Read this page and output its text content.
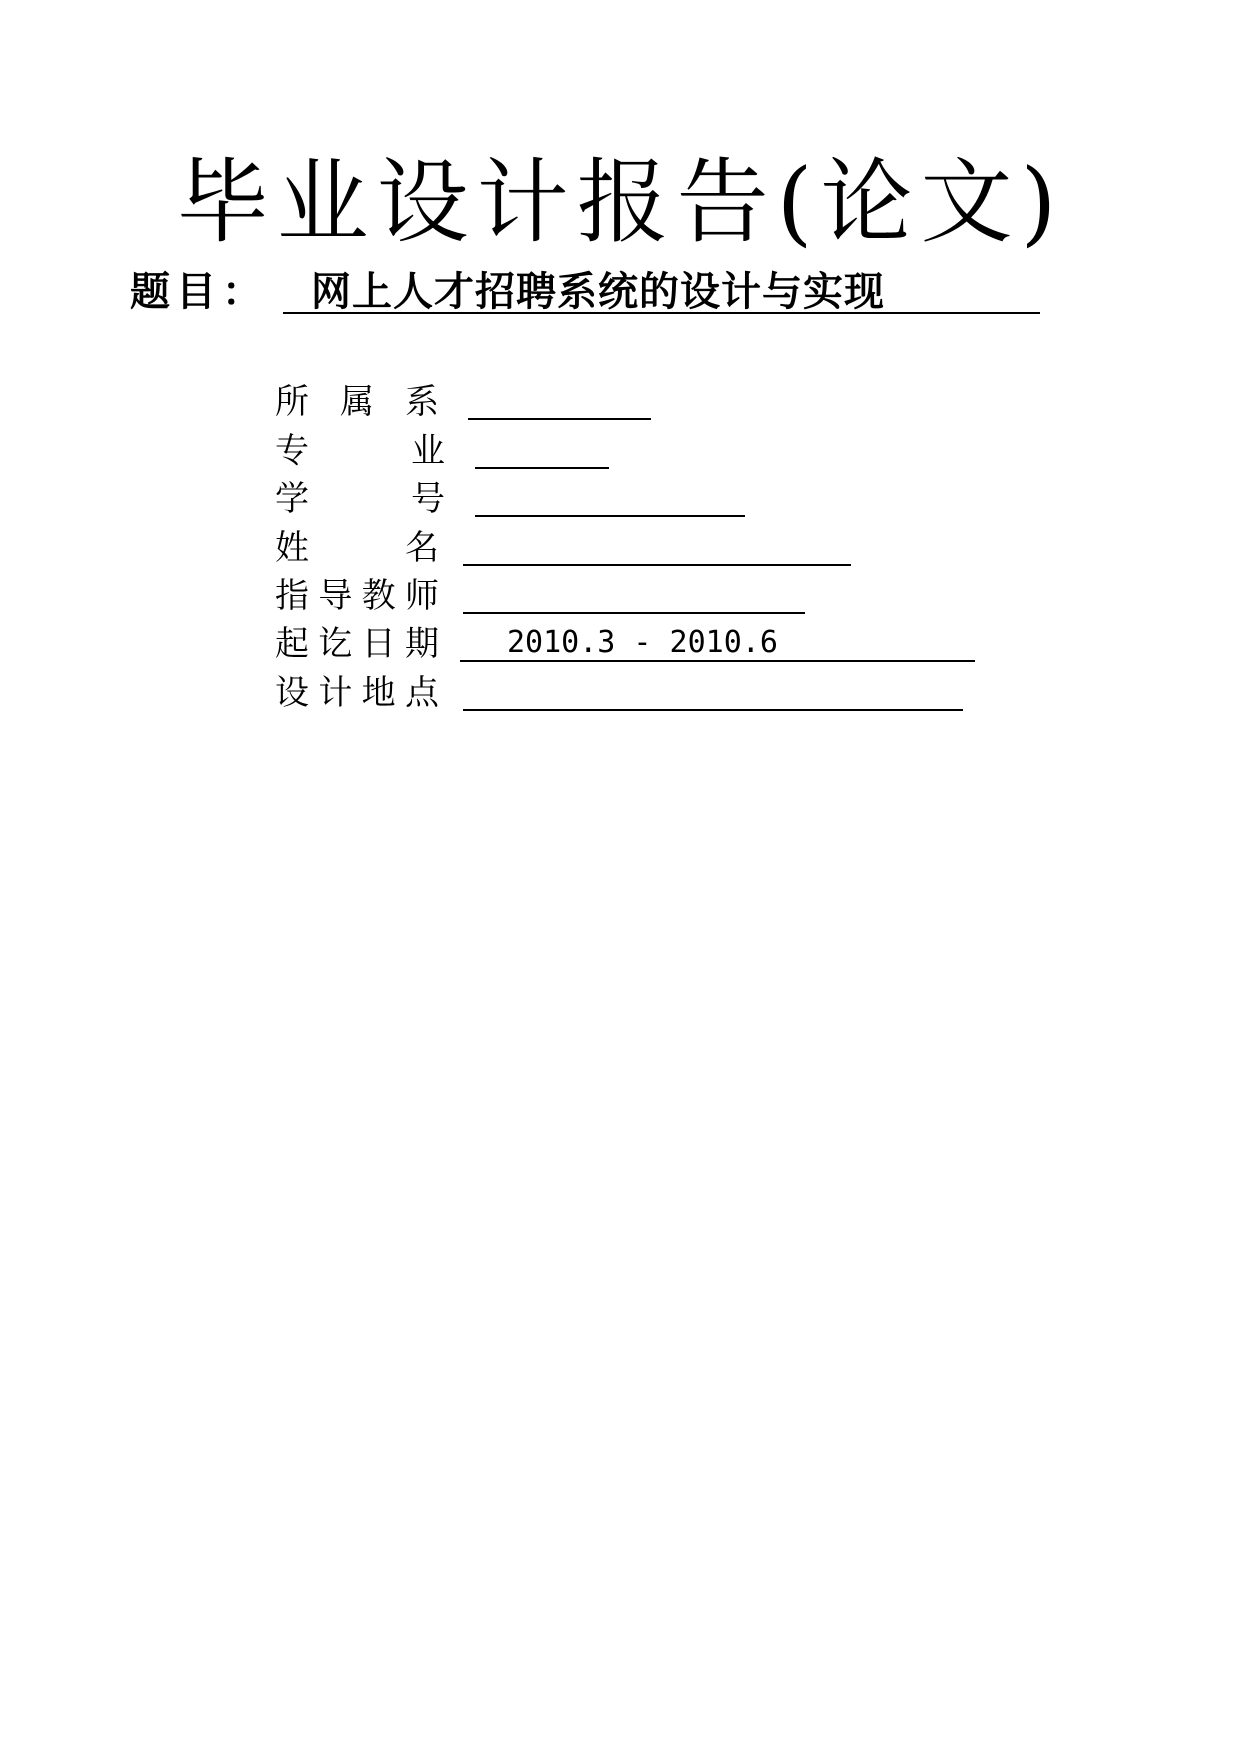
毕业设计报告(论文)
题目：	网上人才招聘系统的设计与实现
所 属 系
专	业
学	号
姓	名
指 导 教 师
起 讫 日 期	2010.3 - 2010.6
设 计 地 点
